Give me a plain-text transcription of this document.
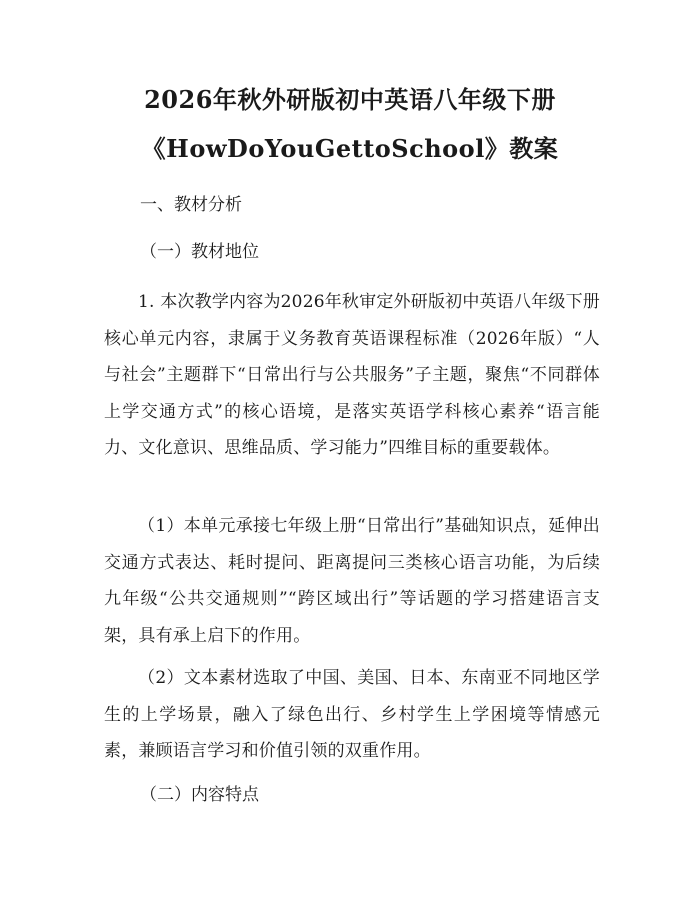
2026年秋外研版初中英语八年级下册
《HowDoYouGettoSchool》教案

一、教材分析

（一）教材地位

1. 本次教学内容为2026年秋审定外研版初中英语八年级下册核心单元内容，隶属于义务教育英语课程标准（2026年版）“人与社会”主题群下“日常出行与公共服务”子主题，聚焦“不同群体上学交通方式”的核心语境，是落实英语学科核心素养“语言能力、文化意识、思维品质、学习能力”四维目标的重要载体。

（1）本单元承接七年级上册“日常出行”基础知识点，延伸出交通方式表达、耗时提问、距离提问三类核心语言功能，为后续九年级“公共交通规则”“跨区域出行”等话题的学习搭建语言支架，具有承上启下的作用。

（2）文本素材选取了中国、美国、日本、东南亚不同地区学生的上学场景，融入了绿色出行、乡村学生上学困境等情感元素，兼顾语言学习和价值引领的双重作用。

（二）内容特点
